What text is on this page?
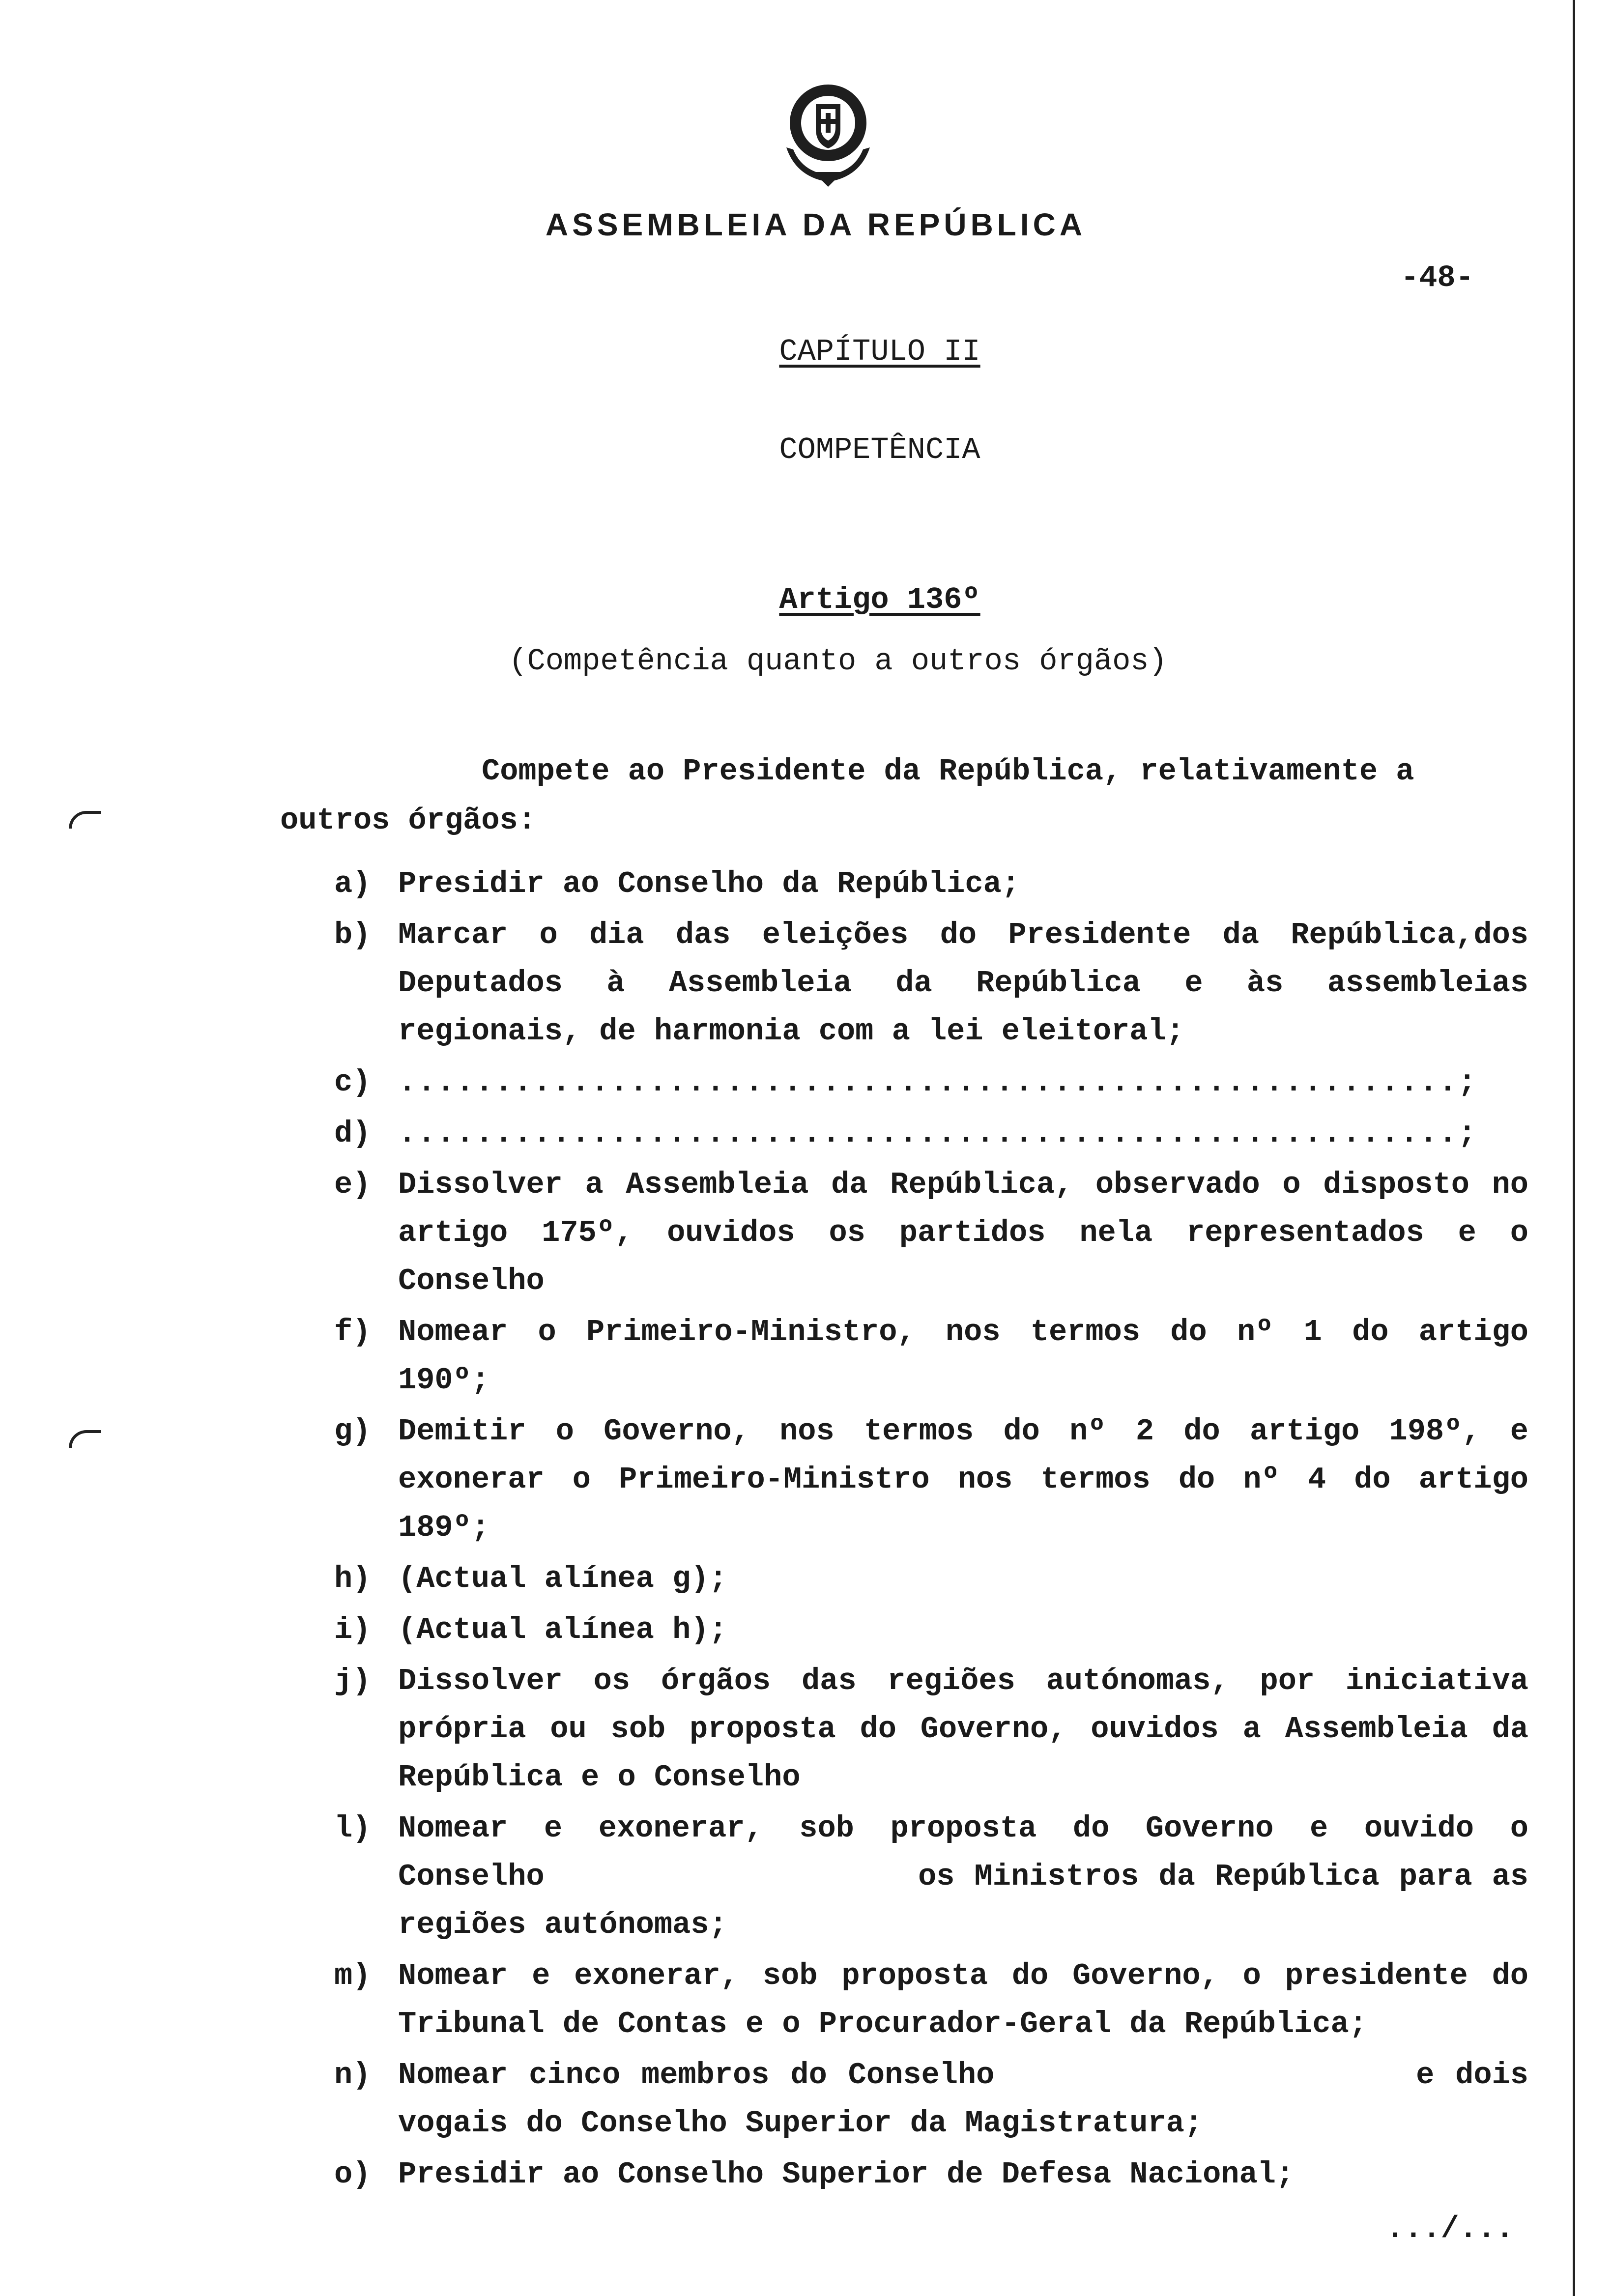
ASSEMBLEIA DA REPÚBLICA
-48-
CAPÍTULO II
COMPETÊNCIA
Artigo 136º
(Competência quanto a outros órgãos)
Compete ao Presidente da República, relativamente a outros órgãos:
a) Presidir ao Conselho da República;
b) Marcar o dia das eleições do Presidente da República,dos Deputados à Assembleia da República e às assembleias regionais, de harmonia com a lei eleitoral;
c) .......................................................;
d) .......................................................;
e) Dissolver a Assembleia da República, observado o disposto no artigo 175º, ouvidos os partidos nela representados e o Conselho
f) Nomear o Primeiro-Ministro, nos termos do nº 1 do artigo 190º;
g) Demitir o Governo, nos termos do nº 2 do artigo 198º, e exonerar o Primeiro-Ministro nos termos do nº 4 do artigo 189º;
h) (Actual alínea g);
i) (Actual alínea h);
j) Dissolver os órgãos das regiões autónomas, por iniciativa própria ou sob proposta do Governo, ouvidos a Assembleia da República e o Conselho
l) Nomear e exonerar, sob proposta do Governo e ouvido o Conselho                   os Ministros da República para as regiões autónomas;
m) Nomear e exonerar, sob proposta do Governo, o presidente do Tribunal de Contas e o Procurador-Geral da República;
n) Nomear cinco membros do Conselho                    e dois vogais do Conselho Superior da Magistratura;
o) Presidir ao Conselho Superior de Defesa Nacional;
.../...
